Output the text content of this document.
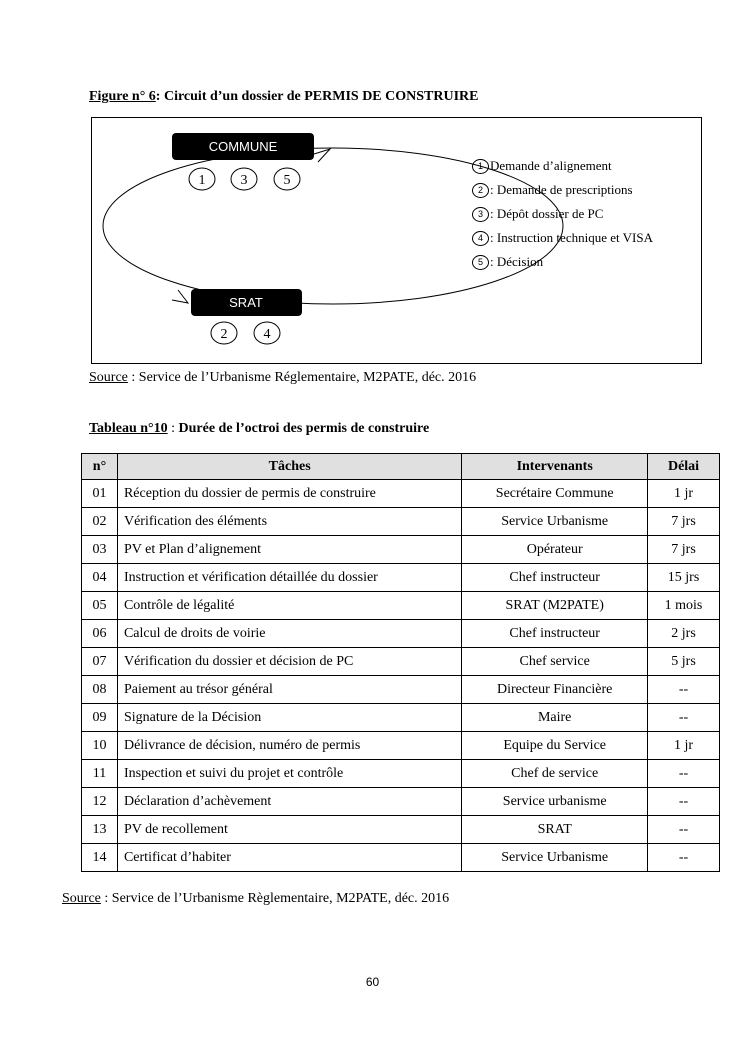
Figure n° 6: Circuit d’un dossier de PERMIS DE CONSTRUIRE
COMMUNE
1	3	5
SRAT
2	4
1 Demande d’alignement
2 : Demande de prescriptions
3 : Dépôt dossier de PC
4 : Instruction technique et VISA
5 : Décision
Source : Service de l’Urbanisme Réglementaire, M2PATE, déc. 2016
Tableau n°10 : Durée de l’octroi des permis de construire
n°	Tâches	Intervenants	Délai
01	Réception du dossier de permis de construire	Secrétaire Commune	1 jr
02	Vérification des éléments	Service Urbanisme	7 jrs
03	PV et Plan d’alignement	Opérateur	7 jrs
04	Instruction et vérification détaillée du dossier	Chef instructeur	15 jrs
05	Contrôle de légalité	SRAT (M2PATE)	1 mois
06	Calcul de droits de voirie	Chef instructeur	2 jrs
07	Vérification du dossier et décision de PC	Chef service	5 jrs
08	Paiement au trésor général	Directeur Financière	--
09	Signature de la Décision	Maire	--
10	Délivrance de décision, numéro de permis	Equipe du Service	1 jr
11	Inspection et suivi du projet et contrôle	Chef de service	--
12	Déclaration d’achèvement	Service urbanisme	--
13	PV de recollement	SRAT	--
14	Certificat d’habiter	Service Urbanisme	--
Source : Service de l’Urbanisme Règlementaire, M2PATE, déc. 2016
60
